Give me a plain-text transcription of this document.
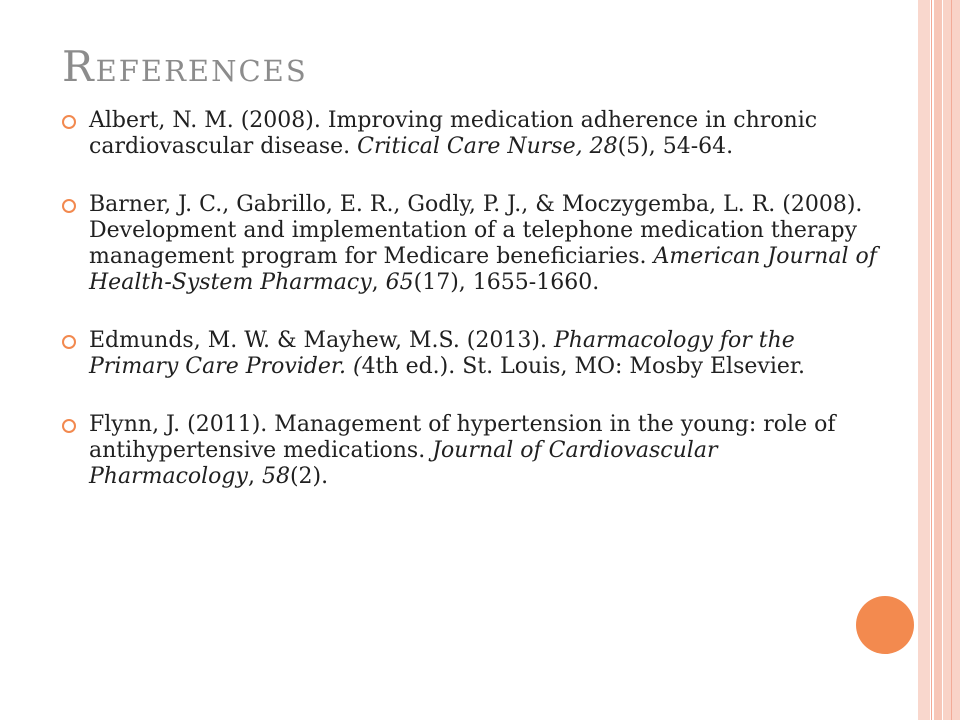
References
Albert, N. M. (2008). Improving medication adherence in chronic cardiovascular disease. Critical Care Nurse, 28(5), 54-64.
Barner, J. C., Gabrillo, E. R., Godly, P. J., & Moczygemba, L. R. (2008). Development and implementation of a telephone medication therapy management program for Medicare beneficiaries. American Journal of Health-System Pharmacy, 65(17), 1655-1660.
Edmunds, M. W. & Mayhew, M.S. (2013). Pharmacology for the Primary Care Provider. (4th ed.). St. Louis, MO: Mosby Elsevier.
Flynn, J. (2011). Management of hypertension in the young: role of antihypertensive medications. Journal of Cardiovascular Pharmacology, 58(2).
